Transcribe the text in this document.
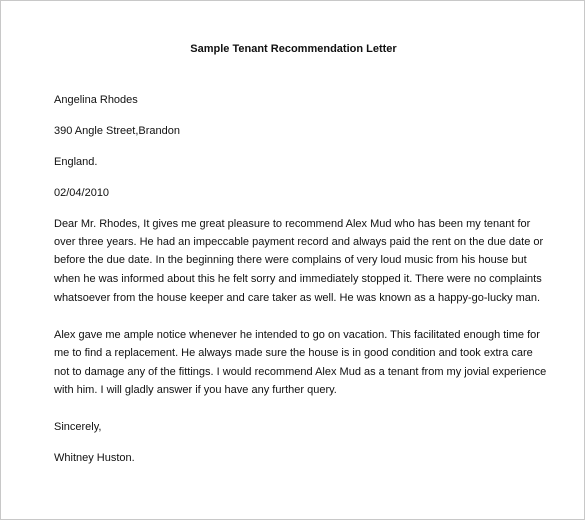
Sample Tenant Recommendation Letter
Angelina Rhodes
390 Angle Street,Brandon
England.
02/04/2010
Dear Mr. Rhodes, It gives me great pleasure to recommend Alex Mud who has been my tenant for
over three years. He had an impeccable payment record and always paid the rent on the due date or
before the due date. In the beginning there were complains of very loud music from his house but
when he was informed about this he felt sorry and immediately stopped it. There were no complaints
whatsoever from the house keeper and care taker as well. He was known as a happy-go-lucky man.
Alex gave me ample notice whenever he intended to go on vacation. This facilitated enough time for
me to find a replacement. He always made sure the house is in good condition and took extra care
not to damage any of the fittings. I would recommend Alex Mud as a tenant from my jovial experience
with him. I will gladly answer if you have any further query.
Sincerely,
Whitney Huston.
